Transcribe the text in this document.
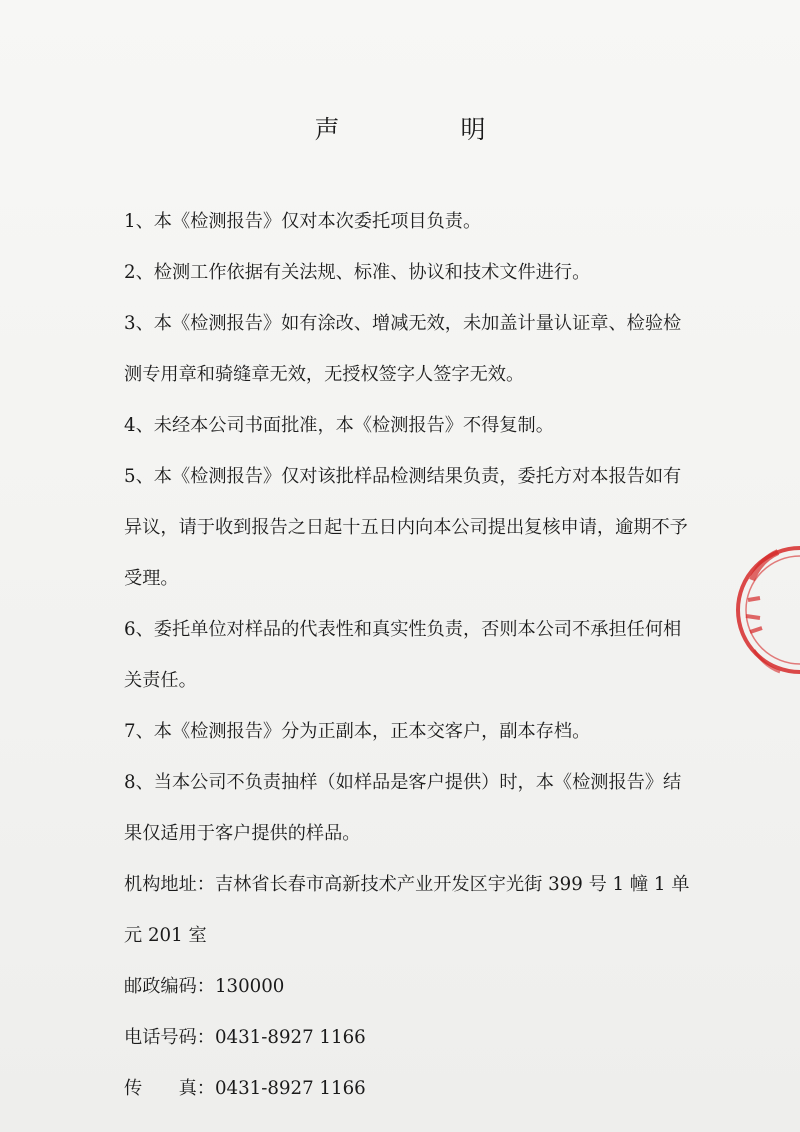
声　明

1、本《检测报告》仅对本次委托项目负责。

2、检测工作依据有关法规、标准、协议和技术文件进行。

3、本《检测报告》如有涂改、增减无效，未加盖计量认证章、检验检测专用章和骑缝章无效，无授权签字人签字无效。

4、未经本公司书面批准，本《检测报告》不得复制。

5、本《检测报告》仅对该批样品检测结果负责，委托方对本报告如有异议，请于收到报告之日起十五日内向本公司提出复核申请，逾期不予受理。

6、委托单位对样品的代表性和真实性负责，否则本公司不承担任何相关责任。

7、本《检测报告》分为正副本，正本交客户，副本存档。

8、当本公司不负责抽样（如样品是客户提供）时，本《检测报告》结果仅适用于客户提供的样品。

机构地址：吉林省长春市高新技术产业开发区宇光街 399 号 1 幢 1 单元 201 室

邮政编码：130000

电话号码：0431-8927 1166

传　　真：0431-8927 1166
